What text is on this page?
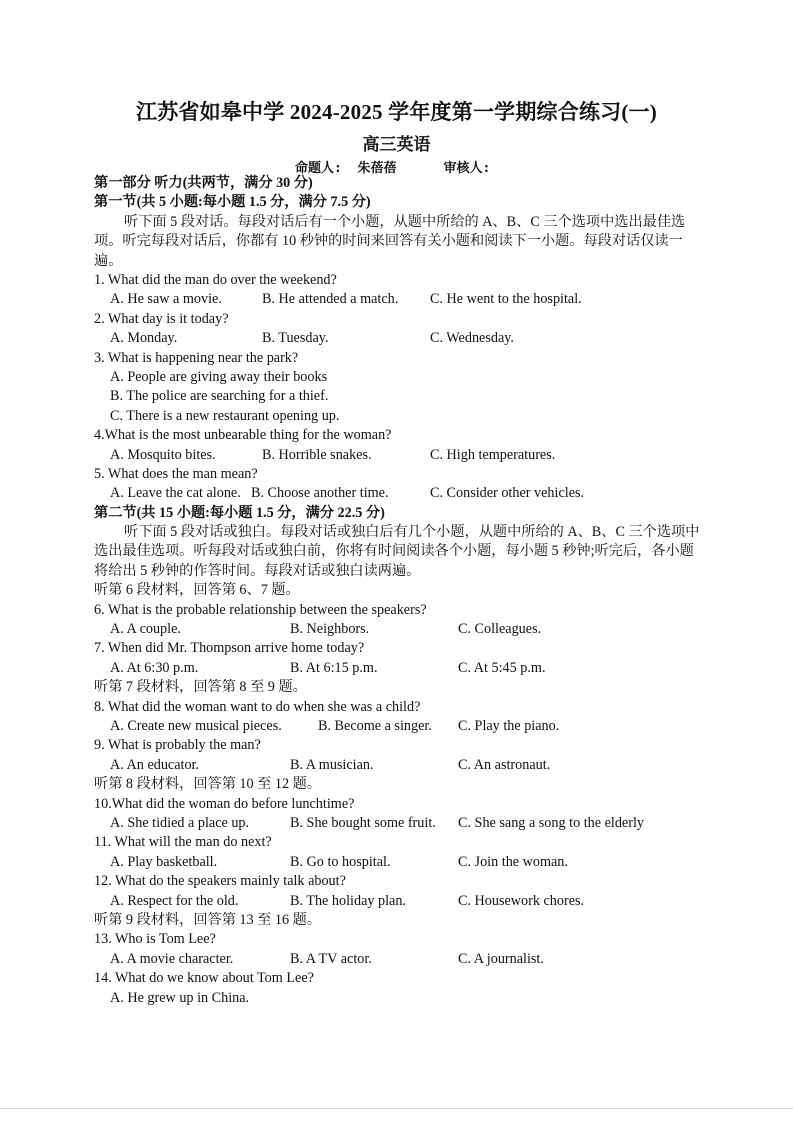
江苏省如皋中学 2024-2025 学年度第一学期综合练习(一)
高三英语
命题人:  朱蓓蓓      审核人:
第一部分 听力(共两节，满分 30 分)
第一节(共 5 小题:每小题 1.5 分，满分 7.5 分)
听下面 5 段对话。每段对话后有一个小题，从题中所给的 A、B、C 三个选项中选出最佳选项。听完每段对话后，你都有 10 秒钟的时间来回答有关小题和阅读下一小题。每段对话仅读一遍。
1. What did the man do over the weekend?
A. He saw a movie.	B. He attended a match. C. He went to the hospital.
2. What day is it today?
A. Monday.	B. Tuesday.	C. Wednesday.
3. What is happening near the park?
A. People are giving away their books
B. The police are searching for a thief.
C. There is a new restaurant opening up.
4.What is the most unbearable thing for the woman?
A. Mosquito bites.	B. Horrible snakes.	C. High temperatures.
5. What does the man mean?
A. Leave the cat alone. B. Choose another time.	C. Consider other vehicles.
第二节(共 15 小题:每小题 1.5 分，满分 22.5 分)
听下面 5 段对话或独白。每段对话或独白后有几个小题，从题中所给的 A、B、C 三个选项中选出最佳选项。听每段对话或独白前，你将有时间阅读各个小题，每小题 5 秒钟;听完后，各小题将给出 5 秒钟的作答时间。每段对话或独白读两遍。
听第 6 段材料，回答第 6、7 题。
6. What is the probable relationship between the speakers?
A. A couple.	B. Neighbors.	C. Colleagues.
7. When did Mr. Thompson arrive home today?
A. At 6:30 p.m.	B. At 6:15 p.m.	C. At 5:45 p.m.
听第 7 段材料，回答第 8 至 9 题。
8. What did the woman want to do when she was a child?
A. Create new musical pieces.	B. Become a singer. C. Play the piano.
9. What is probably the man?
A. An educator.	B. A musician.	C. An astronaut.
听第 8 段材料，回答第 10 至 12 题。
10.What did the woman do before lunchtime?
A. She tidied a place up.	B. She bought some fruit. C. She sang a song to the elderly
11. What will the man do next?
A. Play basketball.	B. Go to hospital.	C. Join the woman.
12. What do the speakers mainly talk about?
A. Respect for the old.	B. The holiday plan.	C. Housework chores.
听第 9 段材料，回答第 13 至 16 题。
13. Who is Tom Lee?
A. A movie character.	B. A TV actor.	C. A journalist.
14. What do we know about Tom Lee?
A. He grew up in China.
